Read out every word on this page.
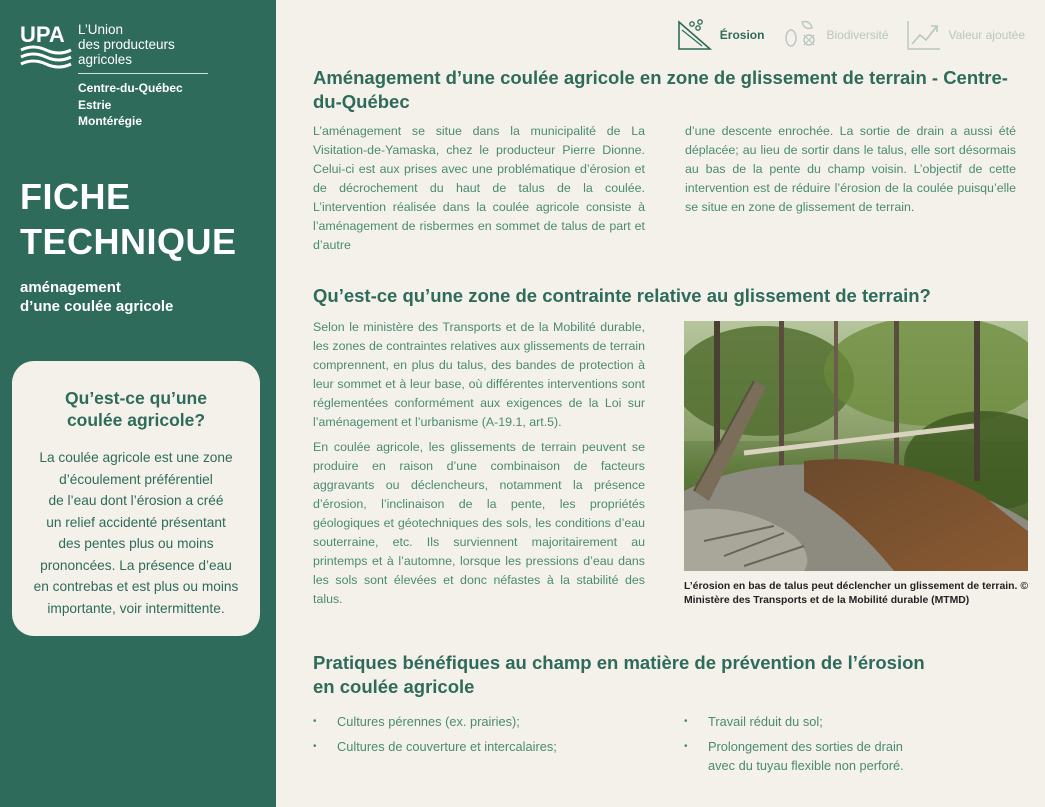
UPA L’Union
des producteurs
agricoles
Centre-du-Québec
Estrie
Montérégie
FICHE
TECHNIQUE
aménagement
d’une coulée agricole
Qu’est-ce qu’une
coulée agricole?
La coulée agricole est une zone
d’écoulement préférentiel
de l’eau dont l’érosion a créé
un relief accidenté présentant
des pentes plus ou moins
prononcées. La présence d’eau
en contrebas et est plus ou moins
importante, voir intermittente.
Érosion	Biodiversité	Valeur ajoutée
Aménagement d’une coulée agricole en zone de glissement de terrain - Centre-du-Québec

L’aménagement se situe dans la municipalité de La Visitation-de-Yamaska, chez le producteur Pierre Dionne. Celui-ci est aux prises avec une problématique d’érosion et de décrochement du haut de talus de la coulée. L’intervention réalisée dans la coulée agricole consiste à l’aménagement de risbermes en sommet de talus de part et d’autre

d’une descente enrochée. La sortie de drain a aussi été déplacée; au lieu de sortir dans le talus, elle sort désormais au bas de la pente du champ voisin. L’objectif de cette intervention est de réduire l’érosion de la coulée puisqu’elle se situe en zone de glissement de terrain.

Qu’est-ce qu’une zone de contrainte relative au glissement de terrain?

Selon le ministère des Transports et de la Mobilité durable, les zones de contraintes relatives aux glissements de terrain comprennent, en plus du talus, des bandes de protection à leur sommet et à leur base, où différentes interventions sont réglementées conformément aux exigences de la Loi sur l’aménagement et l’urbanisme (A-19.1, art.5).

En coulée agricole, les glissements de terrain peuvent se produire en raison d’une combinaison de facteurs aggravants ou déclencheurs, notamment la présence d’érosion, l’inclinaison de la pente, les propriétés géologiques et géotechniques des sols, les conditions d’eau souterraine, etc. Ils surviennent majoritairement au printemps et à l’automne, lorsque les pressions d’eau dans les sols sont élevées et donc néfastes à la stabilité des talus.

L’érosion en bas de talus peut déclencher un glissement de terrain. © Ministère des Transports et de la Mobilité durable (MTMD)

Pratiques bénéfiques au champ en matière de prévention de l’érosion
en coulée agricole
• Cultures pérennes (ex. prairies);
• Cultures de couverture et intercalaires;
• Travail réduit du sol;
• Prolongement des sorties de drain
avec du tuyau flexible non perforé.
